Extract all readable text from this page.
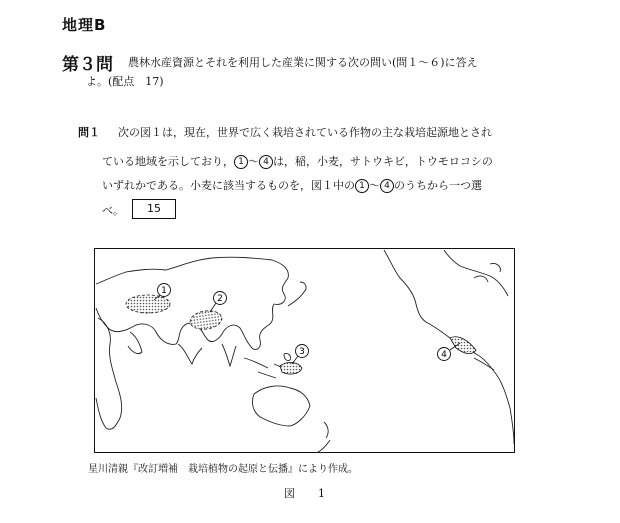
地理B
第３問 農林水産資源とそれを利用した産業に関する次の問い(問１～６)に答え
よ。(配点　17)
問１ 次の図１は，現在，世界で広く栽培されている作物の主な栽培起源地とされ
ている地域を示しており， 1 ～ 4 は，稲，小麦，サトウキビ，トウモロコシの
いずれかである。小麦に該当するものを，図１中の 1 ～ 4 のうちから一つ選
べ。	15
1
2
3	4
星川清親『改訂増補　栽培植物の起原と伝播』により作成。
図　1
